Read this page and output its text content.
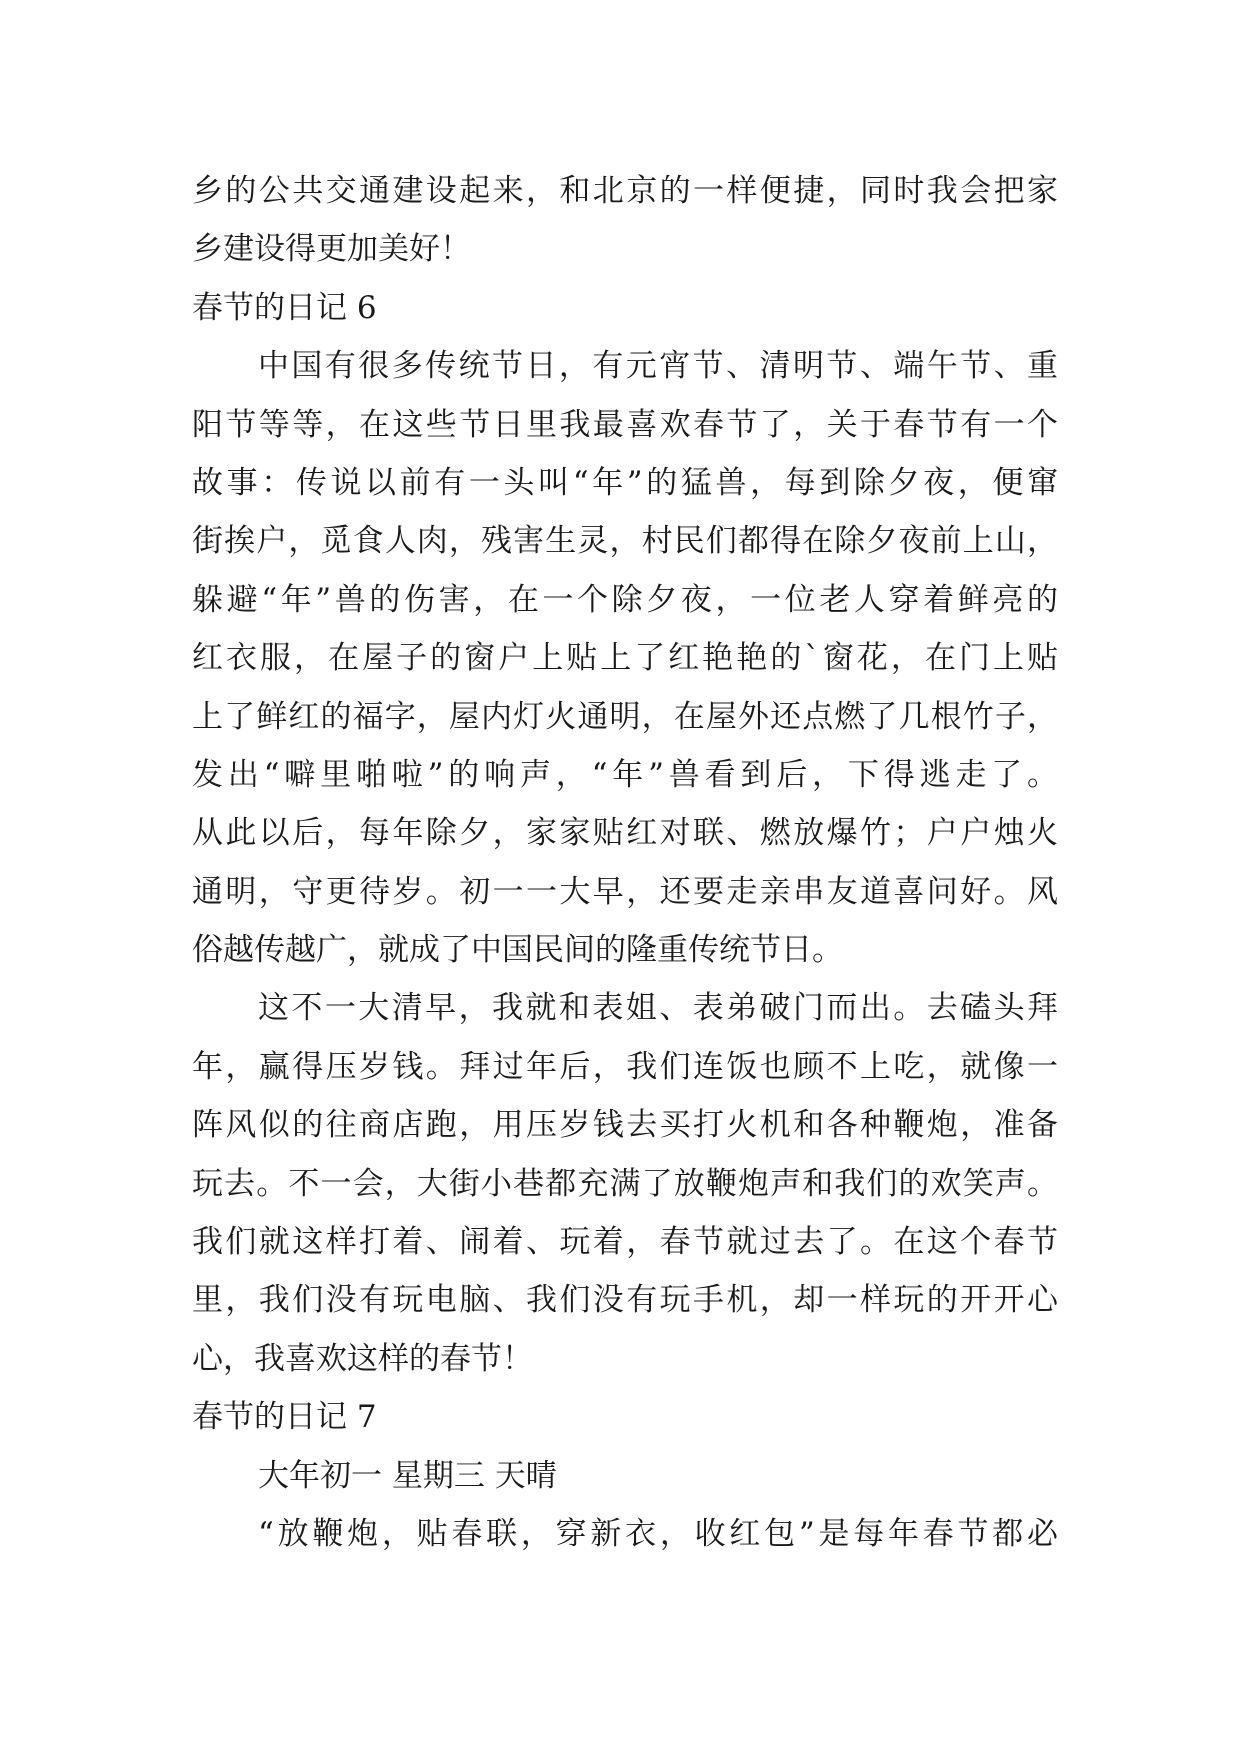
乡的公共交通建设起来，和北京的一样便捷，同时我会把家
乡建设得更加美好！
春节的日记 6
中国有很多传统节日，有元宵节、清明节、端午节、重
阳节等等，在这些节日里我最喜欢春节了，关于春节有一个
故事：传说以前有一头叫“年”的猛兽，每到除夕夜，便窜
街挨户，觅食人肉，残害生灵，村民们都得在除夕夜前上山，
躲避“年”兽的伤害，在一个除夕夜，一位老人穿着鲜亮的
红衣服，在屋子的窗户上贴上了红艳艳的`窗花，在门上贴
上了鲜红的福字，屋内灯火通明，在屋外还点燃了几根竹子，
发出“噼里啪啦”的响声，“年”兽看到后，下得逃走了。
从此以后，每年除夕，家家贴红对联、燃放爆竹；户户烛火
通明，守更待岁。初一一大早，还要走亲串友道喜问好。风
俗越传越广，就成了中国民间的隆重传统节日。
这不一大清早，我就和表姐、表弟破门而出。去磕头拜
年，赢得压岁钱。拜过年后，我们连饭也顾不上吃，就像一
阵风似的往商店跑，用压岁钱去买打火机和各种鞭炮，准备
玩去。不一会，大街小巷都充满了放鞭炮声和我们的欢笑声。
我们就这样打着、闹着、玩着，春节就过去了。在这个春节
里，我们没有玩电脑、我们没有玩手机，却一样玩的开开心
心，我喜欢这样的春节！
春节的日记 7
大年初一 星期三 天晴
“放鞭炮，贴春联，穿新衣，收红包”是每年春节都必
